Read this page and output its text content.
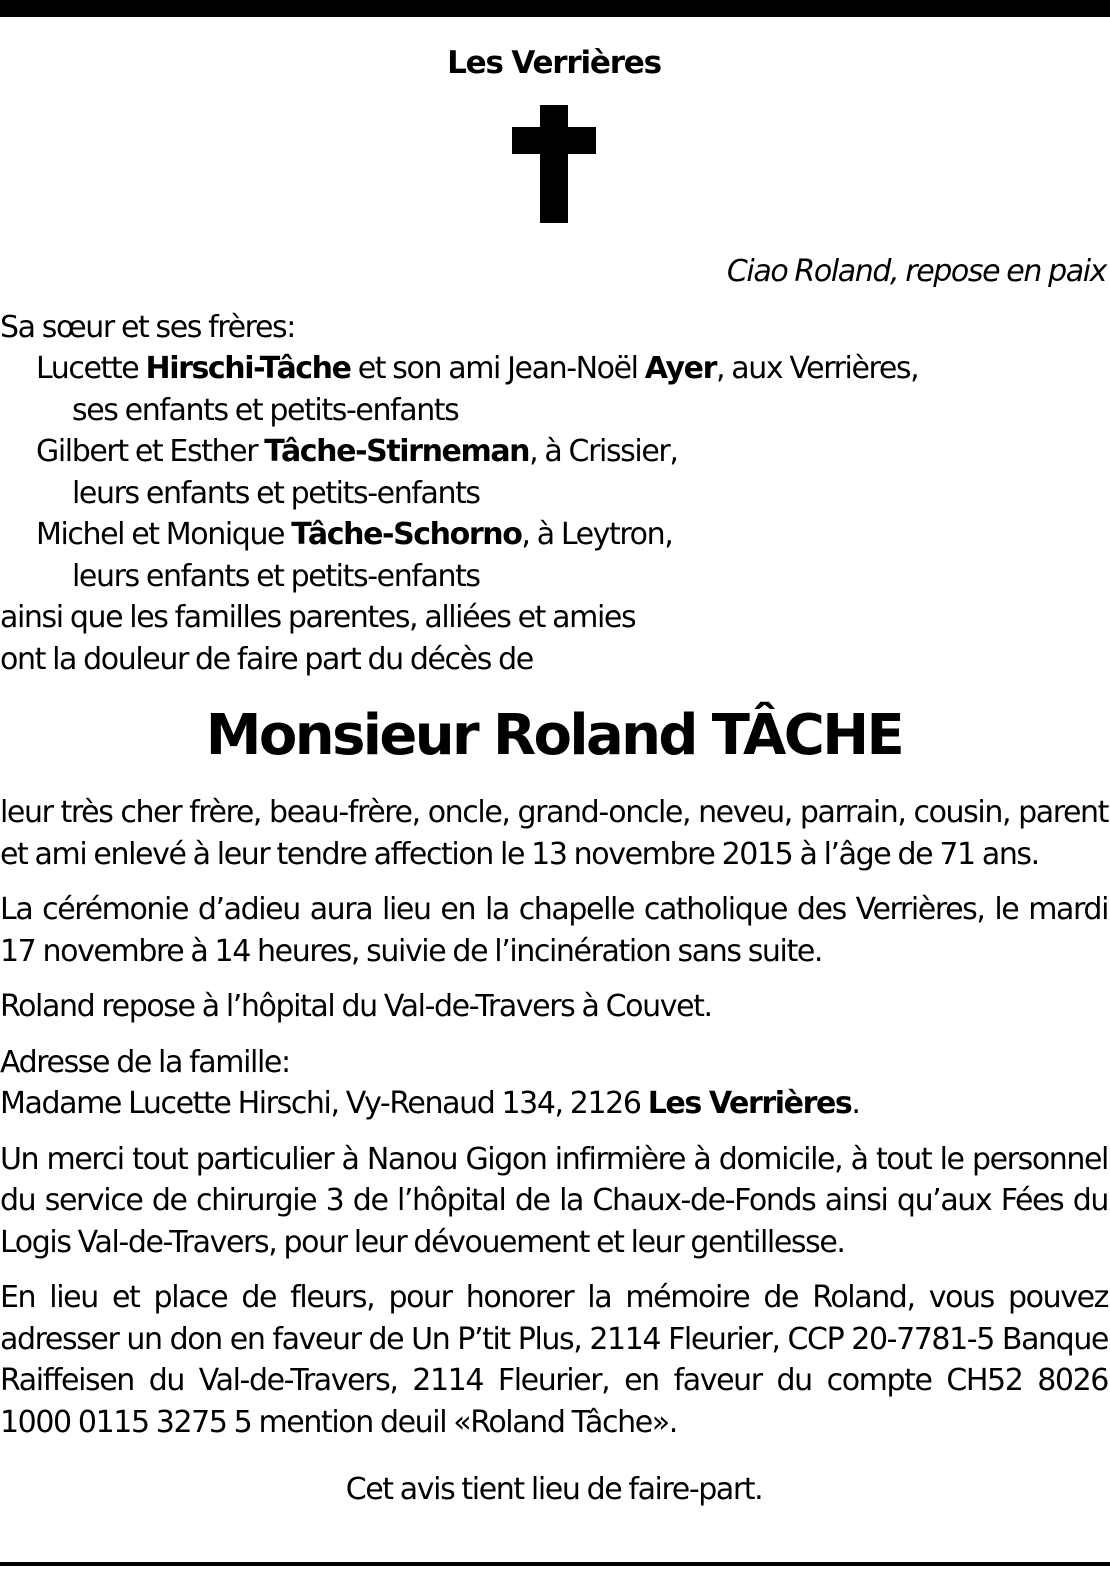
Les Verrières
Ciao Roland, repose en paix
Sa sœur et ses frères:
Lucette Hirschi-Tâche et son ami Jean-Noël Ayer, aux Verrières,
ses enfants et petits-enfants
Gilbert et Esther Tâche-Stirneman, à Crissier,
leurs enfants et petits-enfants
Michel et Monique Tâche-Schorno, à Leytron,
leurs enfants et petits-enfants
ainsi que les familles parentes, alliées et amies
ont la douleur de faire part du décès de
Monsieur Roland TÂCHE
leur très cher frère, beau-frère, oncle, grand-oncle, neveu, parrain, cousin, parent et ami enlevé à leur tendre affection le 13 novembre 2015 à l’âge de 71 ans.
La cérémonie d’adieu aura lieu en la chapelle catholique des Verrières, le mardi 17 novembre à 14 heures, suivie de l’incinération sans suite.
Roland repose à l’hôpital du Val-de-Travers à Couvet.
Adresse de la famille:
Madame Lucette Hirschi, Vy-Renaud 134, 2126 Les Verrières.
Un merci tout particulier à Nanou Gigon infirmière à domicile, à tout le personnel du service de chirurgie 3 de l’hôpital de la Chaux-de-Fonds ainsi qu’aux Fées du Logis Val-de-Travers, pour leur dévouement et leur gentillesse.
En lieu et place de fleurs, pour honorer la mémoire de Roland, vous pouvez adresser un don en faveur de Un P’tit Plus, 2114 Fleurier, CCP 20-7781-5 Banque Raiffeisen du Val-de-Travers, 2114 Fleurier, en faveur du compte CH52 8026 1000 0115 3275 5 mention deuil «Roland Tâche».
Cet avis tient lieu de faire-part.
